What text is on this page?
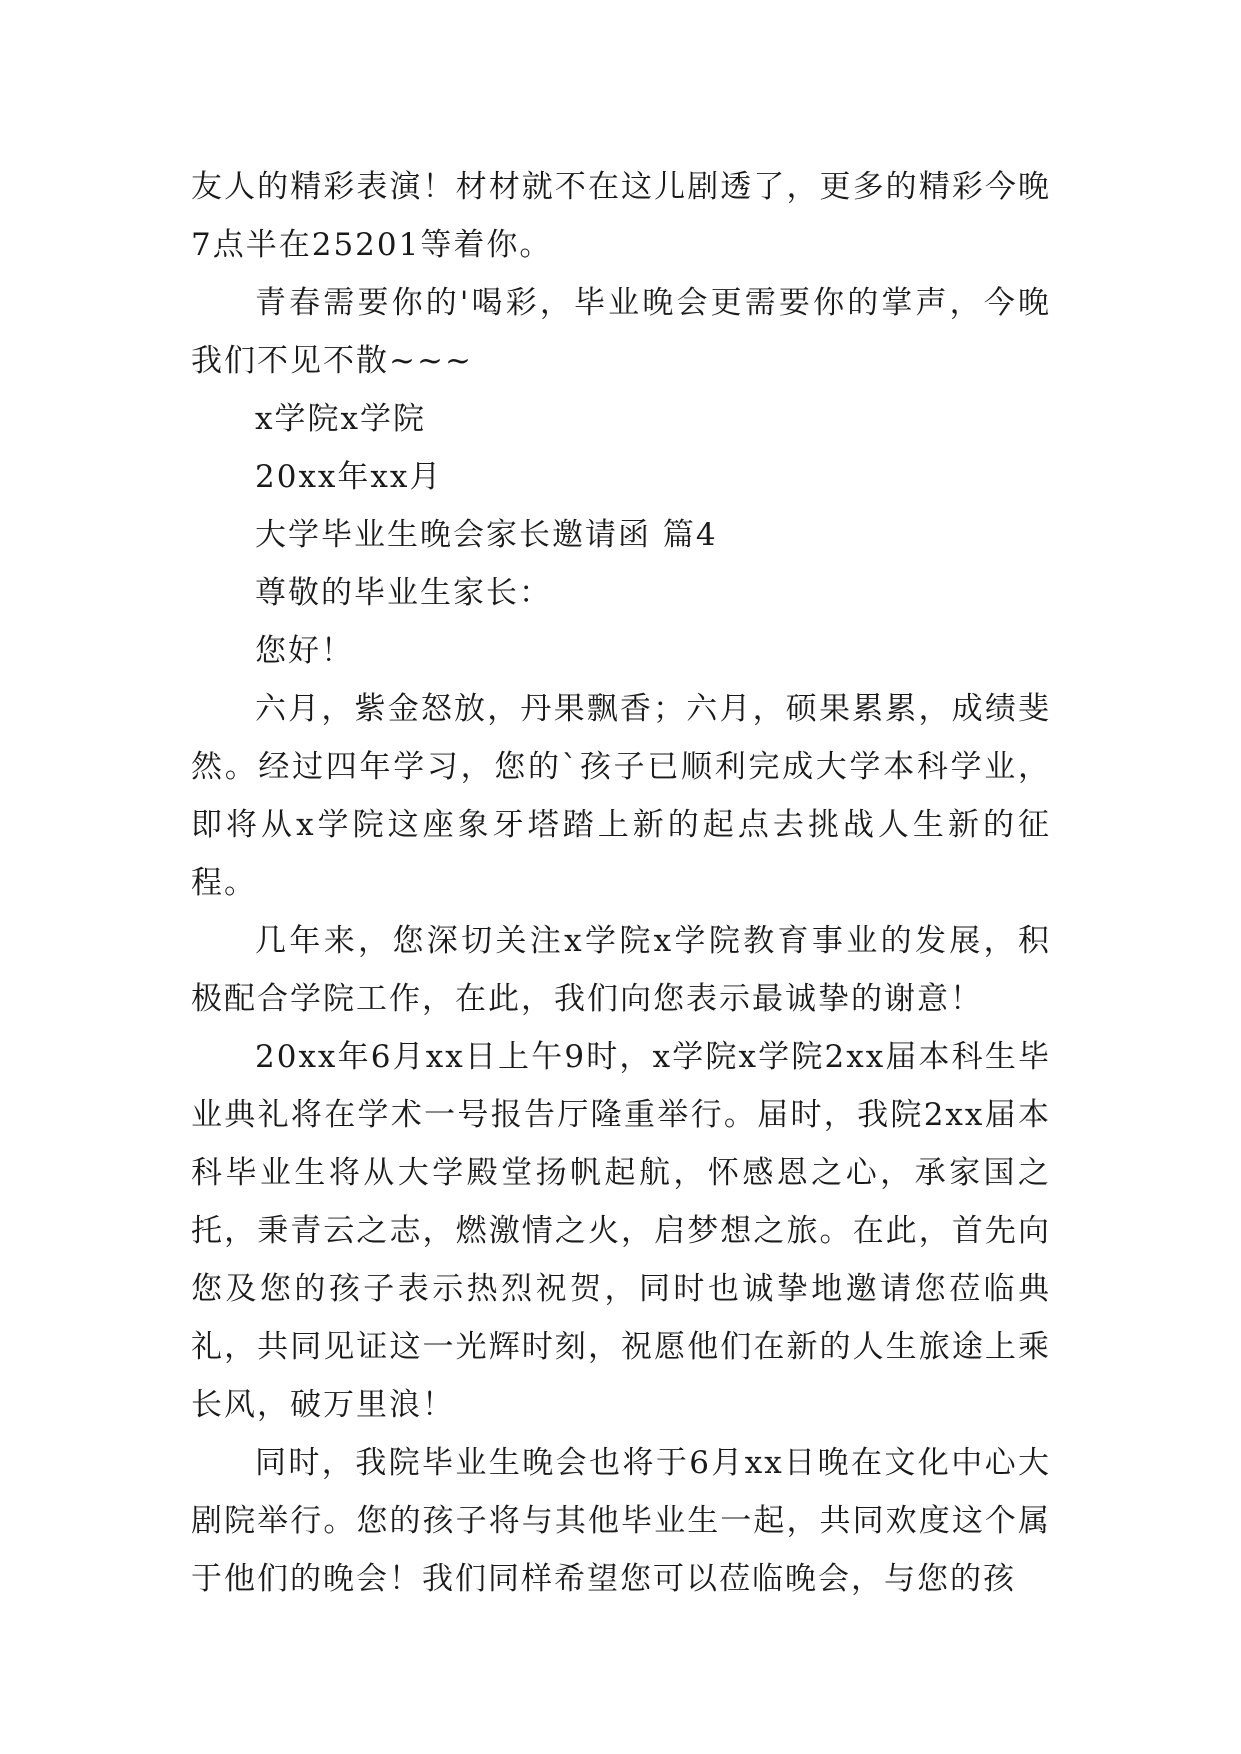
友人的精彩表演！材材就不在这儿剧透了，更多的精彩今晚7点半在25201等着你。

青春需要你的'喝彩，毕业晚会更需要你的掌声，今晚我们不见不散~~~

x学院x学院

20xx年xx月

大学毕业生晚会家长邀请函 篇4

尊敬的毕业生家长：

您好！

六月，紫金怒放，丹果飘香；六月，硕果累累，成绩斐然。经过四年学习，您的`孩子已顺利完成大学本科学业，即将从x学院这座象牙塔踏上新的起点去挑战人生新的征程。

几年来，您深切关注x学院x学院教育事业的发展，积极配合学院工作，在此，我们向您表示最诚挚的谢意！

20xx年6月xx日上午9时，x学院x学院2xx届本科生毕业典礼将在学术一号报告厅隆重举行。届时，我院2xx届本科毕业生将从大学殿堂扬帆起航，怀感恩之心，承家国之托，秉青云之志，燃激情之火，启梦想之旅。在此，首先向您及您的孩子表示热烈祝贺，同时也诚挚地邀请您莅临典礼，共同见证这一光辉时刻，祝愿他们在新的人生旅途上乘长风，破万里浪！

同时，我院毕业生晚会也将于6月xx日晚在文化中心大剧院举行。您的孩子将与其他毕业生一起，共同欢度这个属于他们的晚会！我们同样希望您可以莅临晚会，与您的孩
